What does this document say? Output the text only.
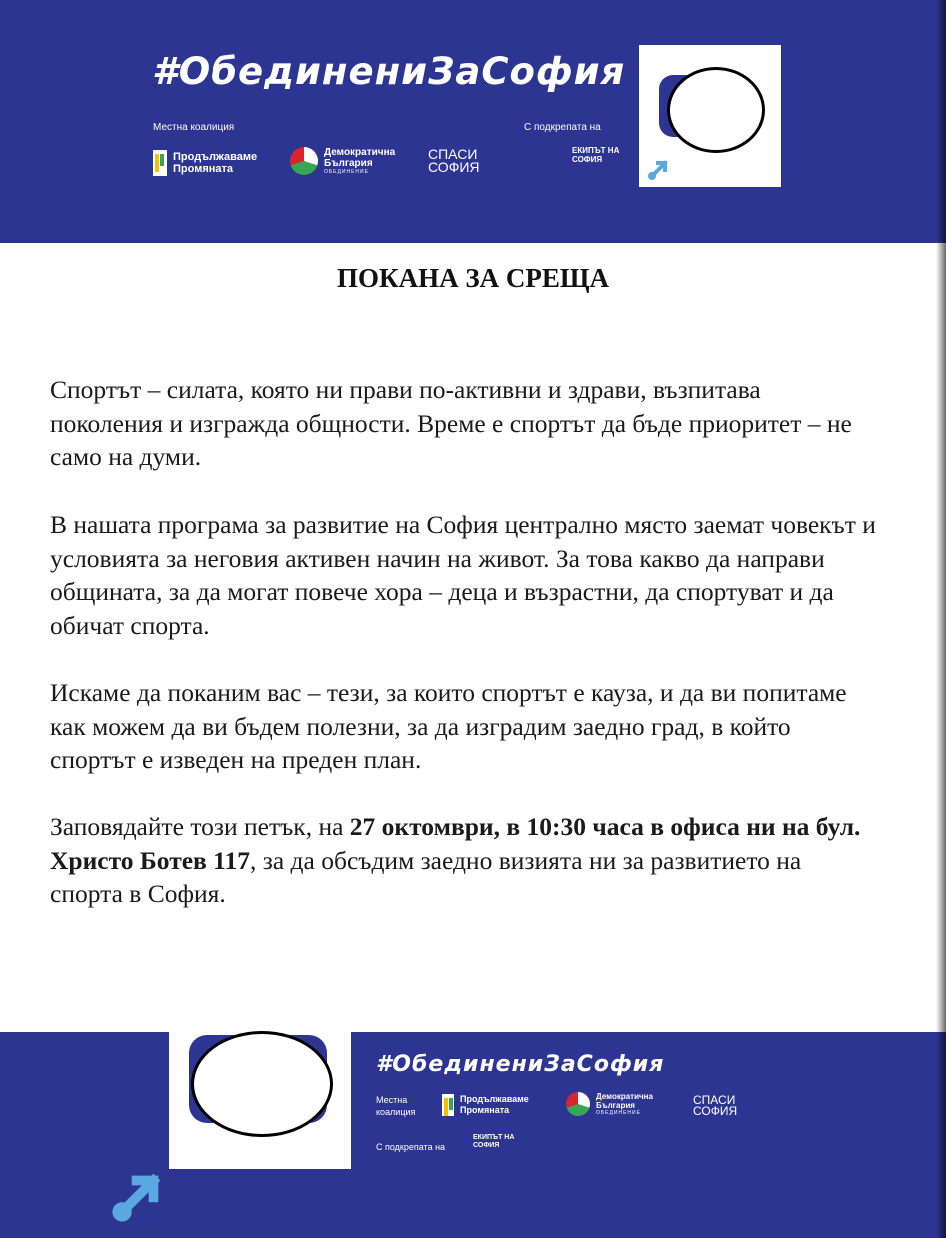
#ОбединениЗаСофия
Местна коалиция	С подкрепата на
Продължаваме Промяната
Демократична България
ОБЕДИНЕНИЕ
СПАСИ СОФИЯ
ЕКИПЪТ НА СОФИЯ
ПОКАНА ЗА СРЕЩА

Спортът – силата, която ни прави по-активни и здрави, възпитава поколения и изгражда общности. Време е спортът да бъде приоритет – не само на думи.

В нашата програма за развитие на София централно място заемат човекът и условията за неговия активен начин на живот. За това какво да направи общината, за да могат повече хора – деца и възрастни, да спортуват и да обичат спорта.

Искаме да поканим вас – тези, за които спортът е кауза, и да ви попитаме как можем да ви бъдем полезни, за да изградим заедно град, в който спортът е изведен на преден план.

Заповядайте този петък, на 27 октомври, в 10:30 часа в офиса ни на бул. Христо Ботев 117, за да обсъдим заедно визията ни за развитието на спорта в София.

#ОбединениЗаСофия
Местна
коалиция
Продължаваме Промяната
Демократична България
ОБЕДИНЕНИЕ
СПАСИ СОФИЯ
С подкрепата на
ЕКИПЪТ НА СОФИЯ
